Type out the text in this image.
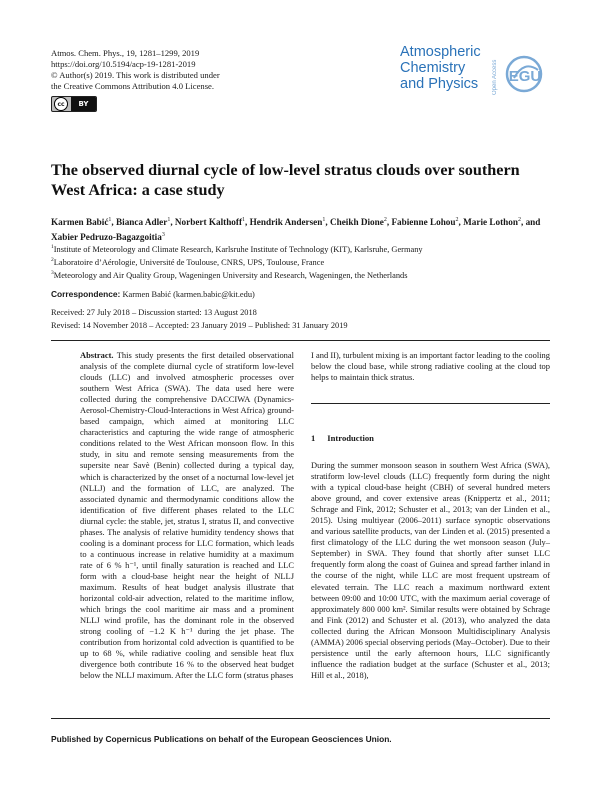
Atmos. Chem. Phys., 19, 1281–1299, 2019
https://doi.org/10.5194/acp-19-1281-2019
© Author(s) 2019. This work is distributed under
the Creative Commons Attribution 4.0 License.
cc	BY
Atmospheric
Chemistry
and Physics	Open Access EGU
The observed diurnal cycle of low-level stratus clouds over southern West Africa: a case study
Karmen Babić$^1$, Bianca Adler$^1$, Norbert Kalthoff$^1$, Hendrik Andersen$^1$, Cheikh Dione$^2$, Fabienne Lohou$^2$, Marie Lothon$^2$, and Xabier Pedruzo-Bagazgoitia$^3$
$^1$Institute of Meteorology and Climate Research, Karlsruhe Institute of Technology (KIT), Karlsruhe, Germany
$^2$Laboratoire d’Aérologie, Université de Toulouse, CNRS, UPS, Toulouse, France
$^3$Meteorology and Air Quality Group, Wageningen University and Research, Wageningen, the Netherlands
Correspondence: Karmen Babić (karmen.babic@kit.edu)
Received: 27 July 2018 – Discussion started: 13 August 2018
Revised: 14 November 2018 – Accepted: 23 January 2019 – Published: 31 January 2019

Abstract. This study presents the first detailed observational analysis of the complete diurnal cycle of stratiform low-level clouds (LLC) and involved atmospheric processes over southern West Africa (SWA). The data used here were collected during the comprehensive DACCIWA (Dynamics-Aerosol-Chemistry-Cloud-Interactions in West Africa) ground-based campaign, which aimed at monitoring LLC characteristics and capturing the wide range of atmospheric conditions related to the West African monsoon flow. In this study, in situ and remote sensing measurements from the supersite near Savè (Benin) collected during a typical day, which is characterized by the onset of a nocturnal low-level jet (NLLJ) and the formation of LLC, are analyzed. The associated dynamic and thermodynamic conditions allow the identification of five different phases related to the LLC diurnal cycle: the stable, jet, stratus I, stratus II, and convective phases. The analysis of relative humidity tendency shows that cooling is a dominant process for LLC formation, which leads to a continuous increase in relative humidity at a maximum rate of 6 % h⁻¹, until finally saturation is reached and LLC form with a cloud-base height near the height of NLLJ maximum. Results of heat budget analysis illustrate that horizontal cold-air advection, related to the maritime inflow, which brings the cool maritime air mass and a prominent NLLJ wind profile, has the dominant role in the observed strong cooling of −1.2 K h⁻¹ during the jet phase. The contribution from horizontal cold advection is quantified to be up to 68 %, while radiative cooling and sensible heat flux divergence both contribute 16 % to the observed heat budget below the NLLJ maximum. After the LLC form (stratus phases

I and II), turbulent mixing is an important factor leading to the cooling below the cloud base, while strong radiative cooling at the cloud top helps to maintain thick stratus.
1 Introduction
During the summer monsoon season in southern West Africa (SWA), stratiform low-level clouds (LLC) frequently form during the night with a typical cloud-base height (CBH) of several hundred meters above ground, and cover extensive areas (Knippertz et al., 2011; Schrage and Fink, 2012; Schuster et al., 2013; van der Linden et al., 2015). Using multiyear (2006–2011) surface synoptic observations and various satellite products, van der Linden et al. (2015) presented a first climatology of the LLC during the wet monsoon season (July–September) in SWA. They found that shortly after sunset LLC frequently form along the coast of Guinea and spread farther inland in the course of the night, while LLC are most frequent upstream of elevated terrain. The LLC reach a maximum northward extent between 09:00 and 10:00 UTC, with the maximum aerial coverage of approximately 800 000 km². Similar results were obtained by Schrage and Fink (2012) and Schuster et al. (2013), who analyzed the data collected during the African Monsoon Multidisciplinary Analysis (AMMA) 2006 special observing periods (May–October). Due to their persistence until the early afternoon hours, LLC significantly influence the radiation budget at the surface (Schuster et al., 2013; Hill et al., 2018),
Published by Copernicus Publications on behalf of the European Geosciences Union.
